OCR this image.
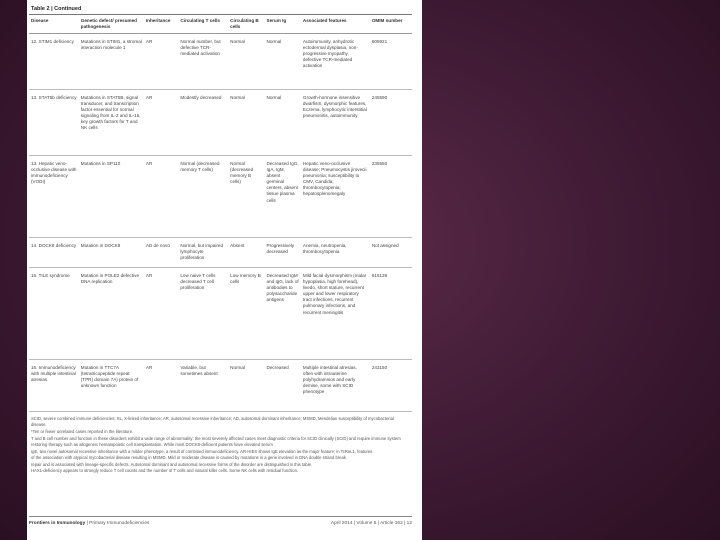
Table 2 | Continued
Disease	Genetic defect/ presumed pathogenesis	Inheritance	Circulating T cells	Circulating B cells	Serum Ig	Associated features	OMIM number
12. STIM1 deficiency	Mutations in STIM1, a stromal interaction molecule 1	AR	Normal number, but defective TCR-mediated activation	Normal	Normal	Autoimmunity, anhydrotic ectodermal dysplasia, non-progressive myopathy, defective TCR-mediated activation	605921
13. STAT5b deficiency	Mutations in STAT5B, signal transducer, and transcription factor essential for normal signaling from IL-2 and IL-15, key growth factors for T and NK cells	AR	Modestly decreased	Normal	Normal	Growth-hormone insensitive dwarfism, dysmorphic features, Eczema, lymphocytic interstitial pneumonitis, autoimmunity	245590
13. Hepatic veno-occlusive disease with immunodeficiency (VODI)	Mutations in SP110	AR	Normal (decreased memory T cells)	Normal (decreased memory B cells)	Decreased IgG, IgA, IgM, absent germinal centers, absent tissue plasma cells	Hepatic veno-occlusive disease; Pneumocystis jirovecii pneumonia; susceptibility to CMV, Candida; thrombocytopenia; hepatosplenomegaly	235550
14. DOCK8 deficiency	Mutation in DOCK8	AD de novo	Normal, but impaired lymphocyte proliferation	Absent	Progressively decreased	Anemia, neutropenia, thrombocytopenia	Not assigned
15. TILE syndrome	Mutation in POLE2 defective DNA replication	AR	Low naive T cells decreased T cell proliferation	Low memory B cells	Decreased IgM and IgG, lack of antibodies to polysaccharide antigens	Mild facial dysmorphism (malar hypoplasia, high forehead), livedo, short stature, recurrent upper and lower respiratory tract infections, recurrent pulmonary infections, and recurrent meningitis	615139
16. Immunodeficiency with multiple intestinal atresias	Mutation in TTC7A (tetratricopeptide repeat (TPR) domain 7A) protein of unknown function	AR	Variable, but sometimes absent	Normal	Decreased	Multiple intestinal atresias, often with intrauterine polyhydramnios and early demise, some with SCID phenotype	243150
SCID, severe combined immune deficiencies; XL, X-linked inheritance; AR, autosomal recessive inheritance; AD, autosomal dominant inheritance; MSMD, Mendelian susceptibility of mycobacterial disease.
*Ten or fewer unrelated cases reported in the literature.
T and B cell number and function in these disorders exhibit a wide range of abnormality: the most severely affected cases meet diagnostic criteria for SCID clinically (SCID) and require immune system restoring therapy such as allogeneic hematopoietic cell transplantation. While most DOCK8-deficient patients have elevated serum
IgE, two novel autosomal recessive inheritance with a milder phenotype, a result of combined immunodeficiency. AR-HIES shows IgE elevation as the major feature; in TcReL1, features
of the association with atypical mycobacterial disease resulting in MSMD. Mild or moderate disease is caused by mutations in a gene involved in DNA double strand break
repair and is associated with lineage-specific defects. Autosomal dominant and autosomal recessive forms of the disorder are distinguished in this table.
HAX1-deficiency appears to strongly reduce T cell counts and the number of T cells and natural killer cells. Some NK cells with residual function.
Frontiers in Immunology | Primary Immunodeficiencies	April 2014 | Volume 5 | Article 162 | 12
